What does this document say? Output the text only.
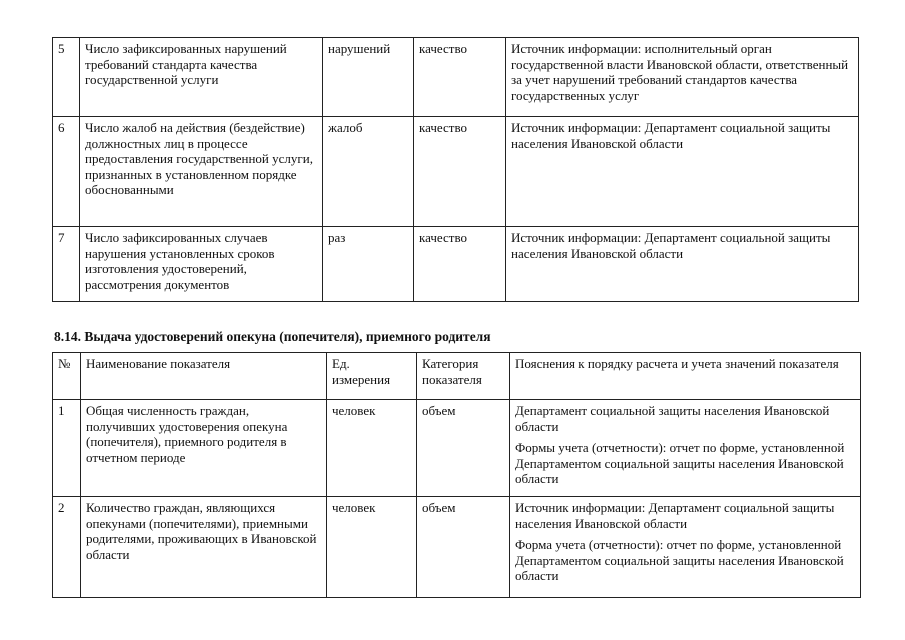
5	Число зафиксированных нарушений требований стандарта качества государственной услуги	нарушений	качество	Источник информации: исполнительный орган государственной власти Ивановской области, ответственный за учет нарушений требований стандартов качества государственных услуг
6	Число жалоб на действия (бездействие) должностных лиц в процессе предоставления государственной услуги, признанных в установленном порядке обоснованными	жалоб	качество	Источник информации: Департамент социальной защиты населения Ивановской области
7	Число зафиксированных случаев нарушения установленных сроков изготовления удостоверений, рассмотрения документов	раз	качество	Источник информации: Департамент социальной защиты населения Ивановской области
8.14. Выдача удостоверений опекуна (попечителя), приемного родителя
№	Наименование показателя	Ед. измерения	Категория показателя	Пояснения к порядку расчета и учета значений показателя
1	Общая численность граждан, получивших удостоверения опекуна (попечителя), приемного родителя в отчетном периоде	человек	объем	Департамент социальной защиты населения Ивановской области

Формы учета (отчетности): отчет по форме, установленной Департаментом социальной защиты населения Ивановской области

2	Количество граждан, являющихся опекунами (попечителями), приемными родителями, проживающих в Ивановской области	человек	объем	Источник информации: Департамент социальной защиты населения Ивановской области

Форма учета (отчетности): отчет по форме, установленной Департаментом социальной защиты населения Ивановской области
